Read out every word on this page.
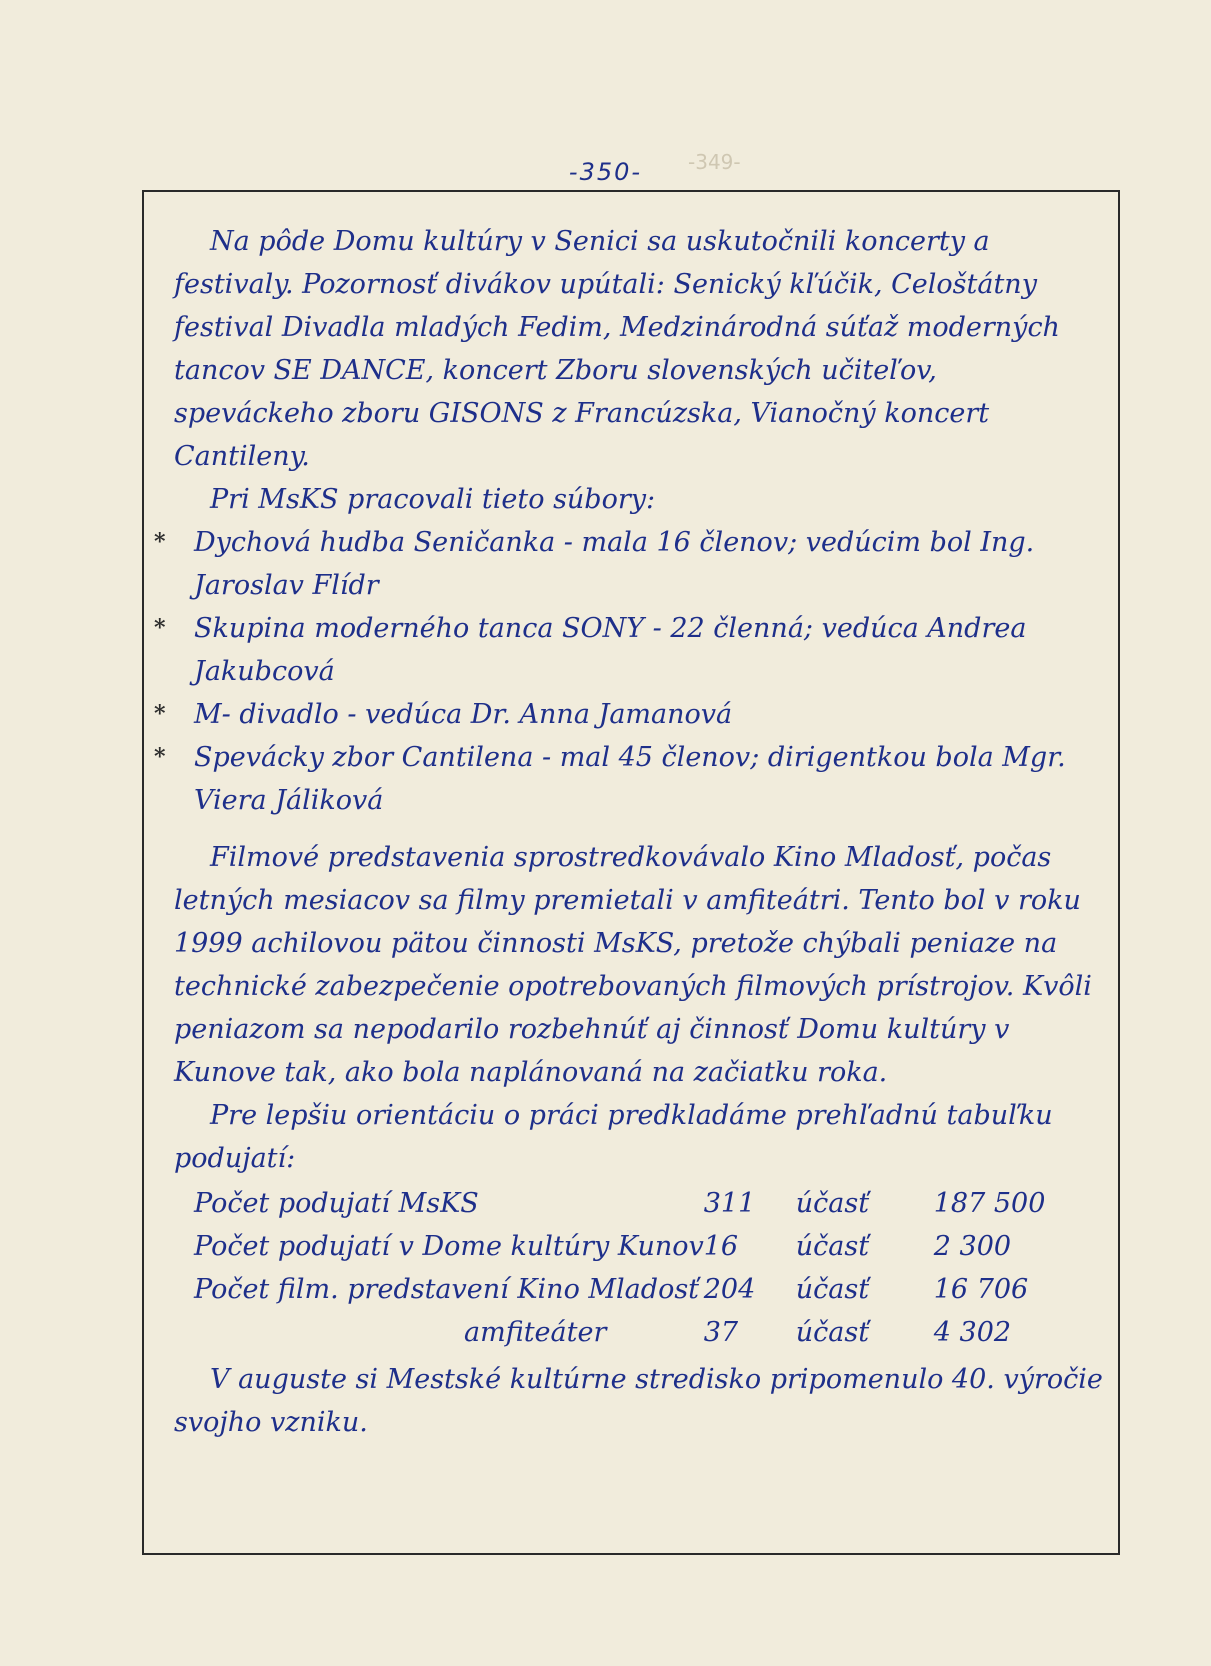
-350-	-349-

Na pôde Domu kultúry v Senici sa uskutočnili koncerty a festivaly. Pozornosť divákov upútali: Senický kľúčik, Celoštátny festival Divadla mladých Fedim, Medzinárodná súťaž moderných tancov SE DANCE, koncert Zboru slovenských učiteľov, speváckeho zboru GISONS z Francúzska, Vianočný koncert Cantileny.

Pri MsKS pracovali tieto súbory:

* Dychová hudba Seničanka - mala 16 členov; vedúcim bol Ing. Jaroslav Flídr
* Skupina moderného tanca SONY - 22 členná; vedúca Andrea Jakubcová
* M- divadlo - vedúca Dr. Anna Jamanová
* Spevácky zbor Cantilena - mal 45 členov; dirigentkou bola Mgr. Viera Jáliková

Filmové predstavenia sprostredkovávalo Kino Mladosť, počas letných mesiacov sa filmy premietali v amfiteátri. Tento bol v roku 1999 achilovou pätou činnosti MsKS, pretože chýbali peniaze na technické zabezpečenie opotrebovaných filmových prístrojov. Kvôli peniazom sa nepodarilo rozbehnúť aj činnosť Domu kultúry v Kunove tak, ako bola naplánovaná na začiatku roka.

Pre lepšiu orientáciu o práci predkladáme prehľadnú tabuľku podujatí:

Počet podujatí MsKS	311	účasť	187 500
Počet podujatí v Dome kultúry Kunov	16	účasť	2 300
Počet film. predstavení Kino Mladosť	204	účasť	16 706
amfiteáter	37	účasť	4 302

V auguste si Mestské kultúrne stredisko pripomenulo 40. výročie svojho vzniku.
